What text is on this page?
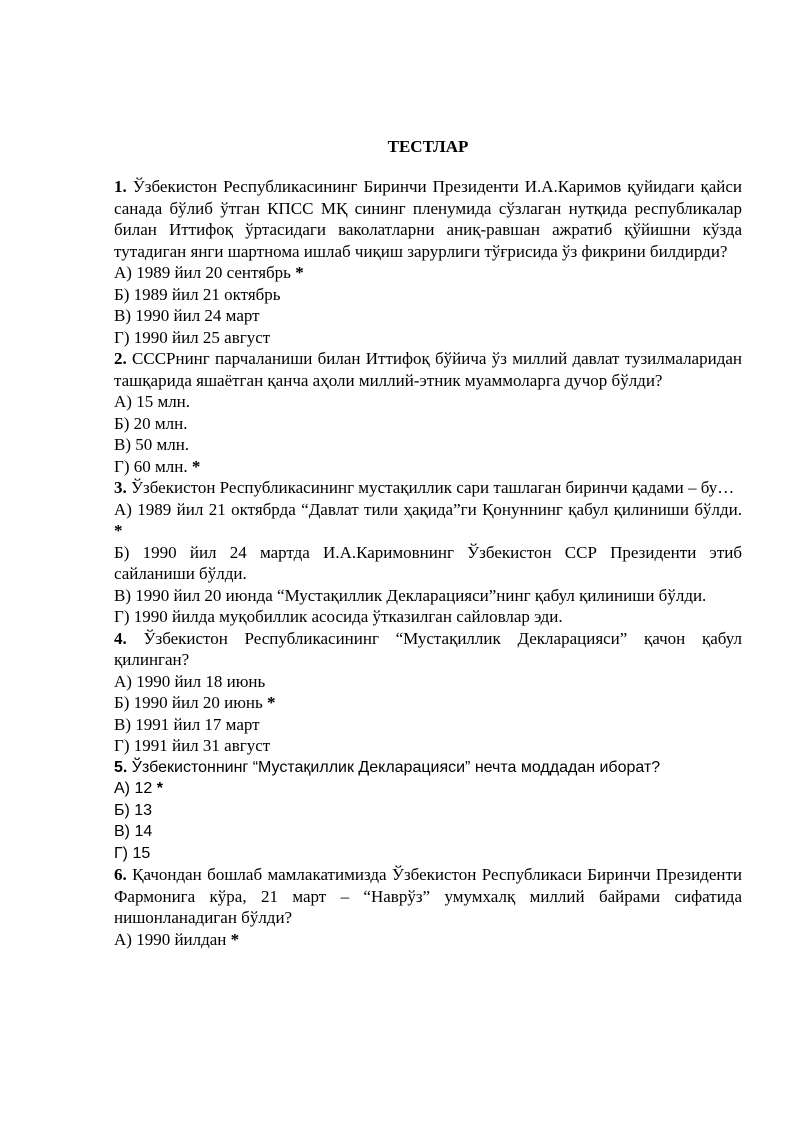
ТЕСТЛАР

1. Ўзбекистон Республикасининг Биринчи Президенти И.А.Каримов қуйидаги қайси санада бўлиб ўтган КПСС МҚ сининг пленумида сўзлаган нутқида республикалар билан Иттифоқ ўртасидаги ваколатларни аниқ-равшан ажратиб қўйишни кўзда тутадиган янги шартнома ишлаб чиқиш зарурлиги тўғрисида ўз фикрини билдирди?

А) 1989 йил 20 сентябрь *

Б) 1989 йил 21 октябрь

В) 1990 йил 24 март

Г) 1990 йил 25 август

2. СССРнинг парчаланиши билан Иттифоқ бўйича ўз миллий давлат тузилмаларидан ташқарида яшаётган қанча аҳоли миллий-этник муаммоларга дучор бўлди?

А) 15 млн.

Б) 20 млн.

В) 50 млн.

Г) 60 млн. *

3. Ўзбекистон Республикасининг мустақиллик сари ташлаган биринчи қадами – бу…

А) 1989 йил 21 октябрда “Давлат тили ҳақида”ги Қонуннинг қабул қилиниши бўлди. *

Б) 1990 йил 24 мартда И.А.Каримовнинг Ўзбекистон ССР Президенти этиб сайланиши бўлди.

В) 1990 йил 20 июнда “Мустақиллик Декларацияси”нинг қабул қилиниши бўлди.

Г) 1990 йилда муқобиллик асосида ўтказилган сайловлар эди.

4. Ўзбекистон Республикасининг “Мустақиллик Декларацияси” қачон қабул қилинган?

А) 1990 йил 18 июнь

Б) 1990 йил 20 июнь *

В) 1991 йил 17 март

Г) 1991 йил 31 август

5. Ўзбекистоннинг “Мустақиллик Декларацияси” нечта моддадан иборат?

А) 12 *

Б) 13

В) 14

Г) 15

6. Қачондан бошлаб мамлакатимизда Ўзбекистон Республикаси Биринчи Президенти Фармонига кўра, 21 март – “Наврўз” умумхалқ миллий байрами сифатида нишонланадиган бўлди?

А) 1990 йилдан *
